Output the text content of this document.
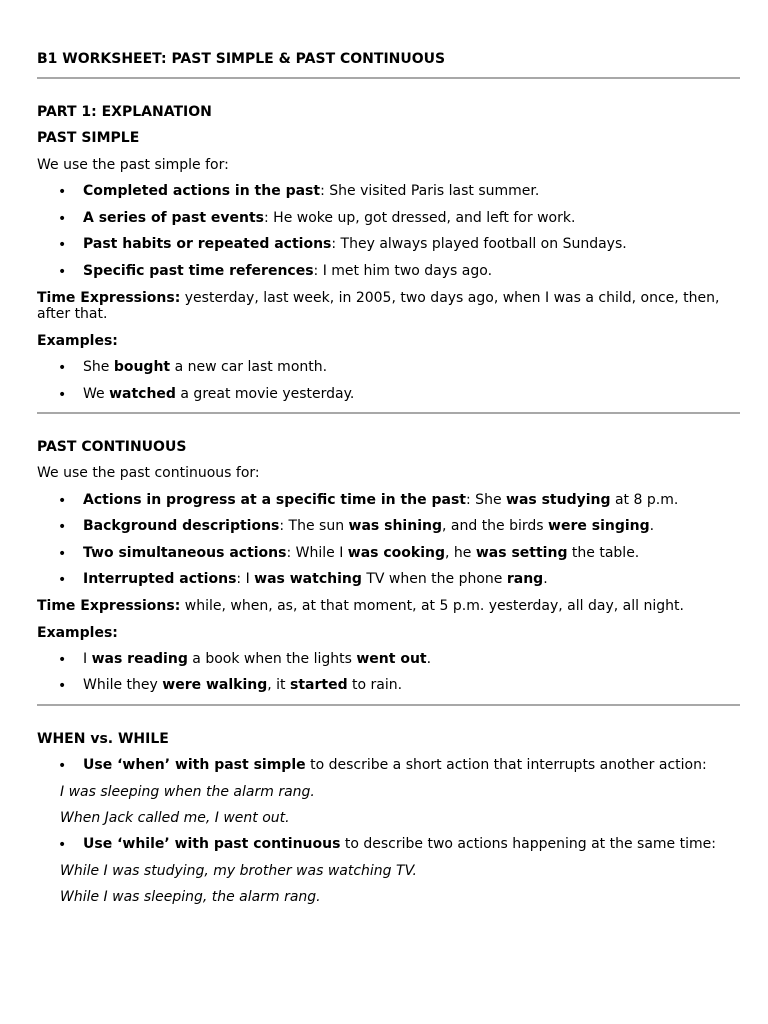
B1 WORKSHEET: PAST SIMPLE & PAST CONTINUOUS
PART 1: EXPLANATION
PAST SIMPLE
We use the past simple for:
• Completed actions in the past: She visited Paris last summer.
• A series of past events: He woke up, got dressed, and left for work.
• Past habits or repeated actions: They always played football on Sundays.
• Specific past time references: I met him two days ago.
Time Expressions: yesterday, last week, in 2005, two days ago, when I was a child, once, then, after that.
Examples:
• She bought a new car last month.
• We watched a great movie yesterday.
PAST CONTINUOUS
We use the past continuous for:
• Actions in progress at a specific time in the past: She was studying at 8 p.m.
• Background descriptions: The sun was shining, and the birds were singing.
• Two simultaneous actions: While I was cooking, he was setting the table.
• Interrupted actions: I was watching TV when the phone rang.
Time Expressions: while, when, as, at that moment, at 5 p.m. yesterday, all day, all night.
Examples:
• I was reading a book when the lights went out.
• While they were walking, it started to rain.
WHEN vs. WHILE
• Use ‘when’ with past simple to describe a short action that interrupts another action:
I was sleeping when the alarm rang.
When Jack called me, I went out.
• Use ‘while’ with past continuous to describe two actions happening at the same time:
While I was studying, my brother was watching TV.
While I was sleeping, the alarm rang.
